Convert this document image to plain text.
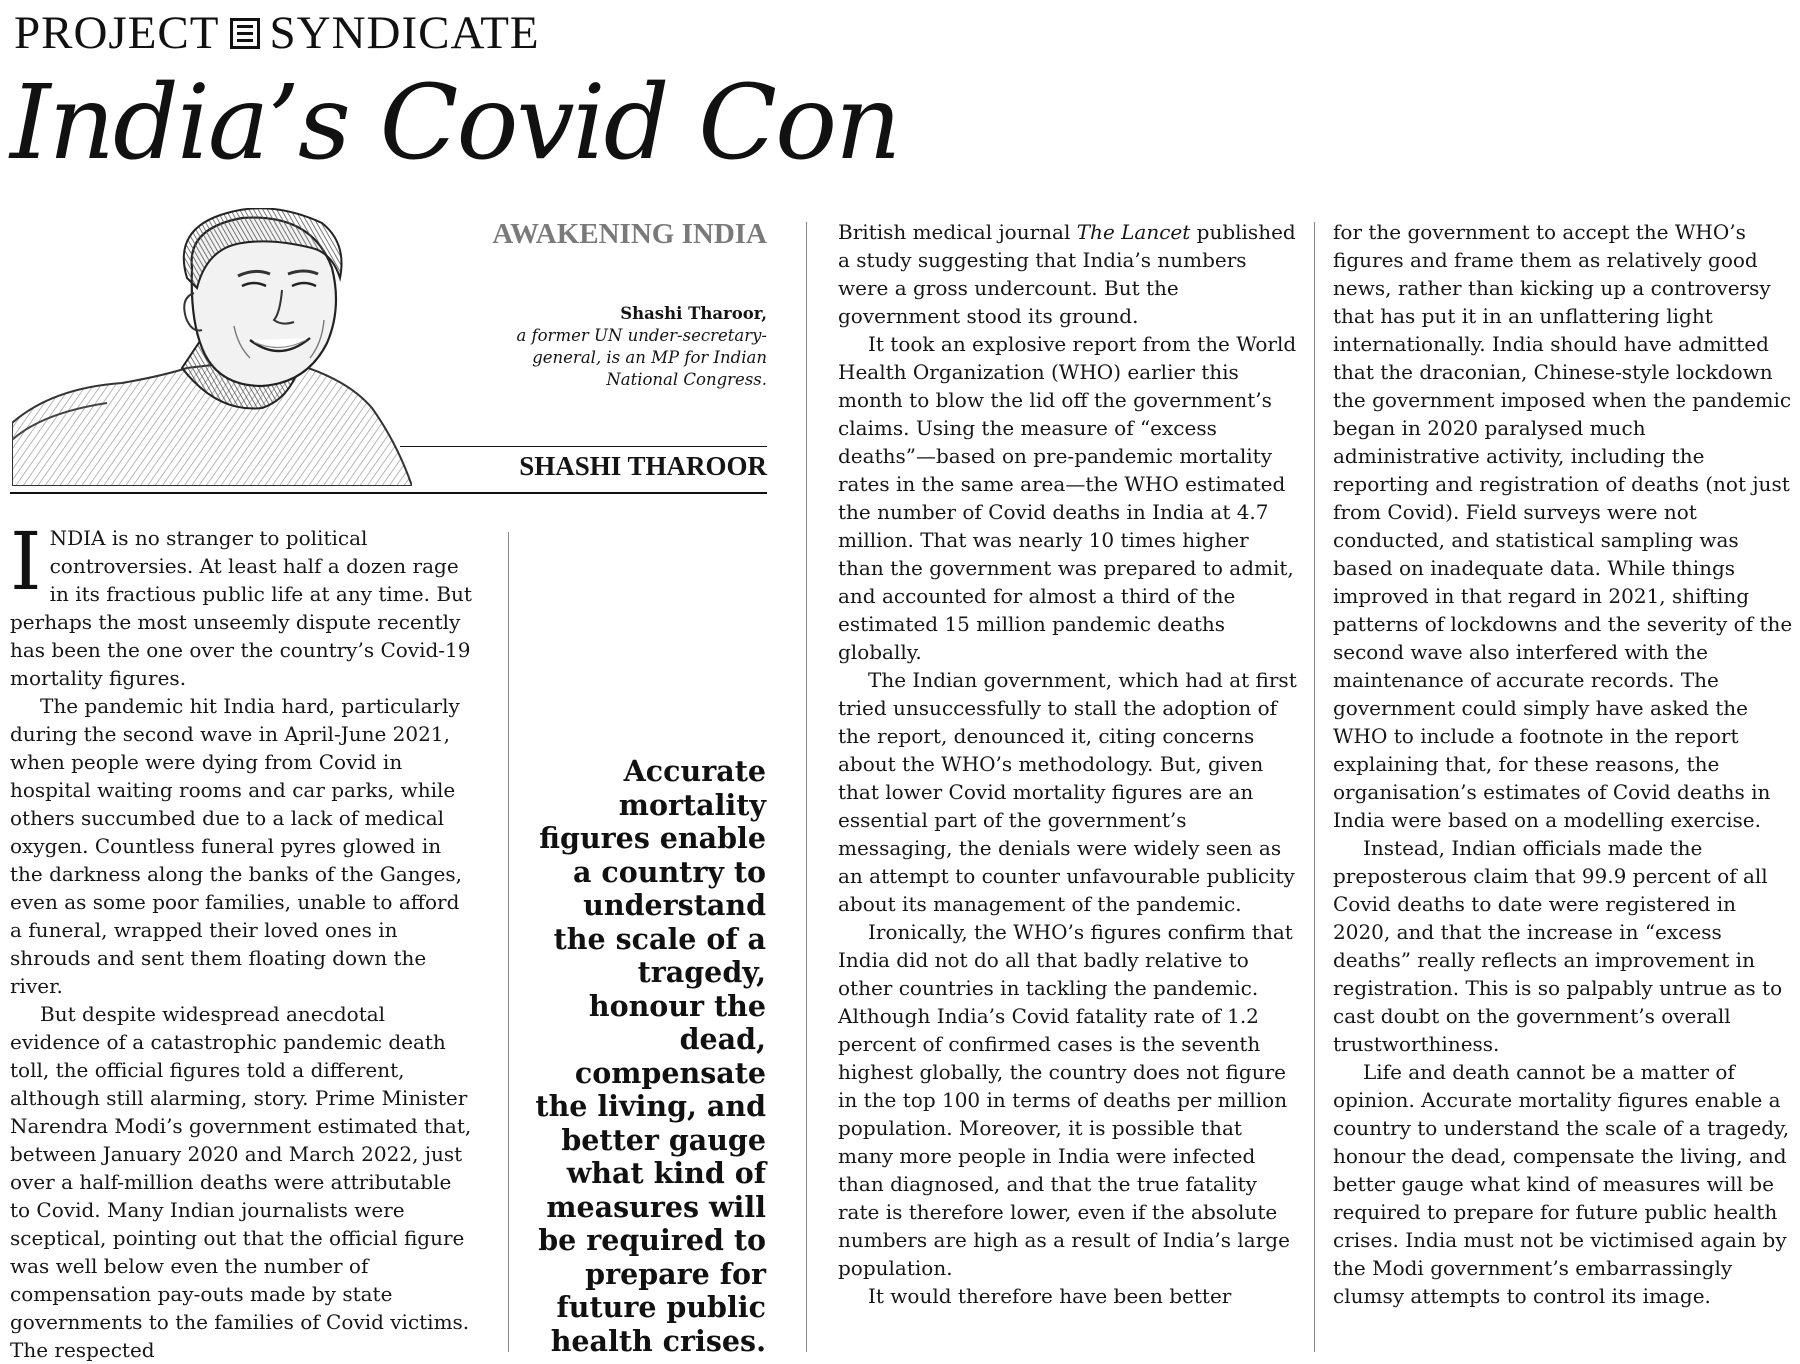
PROJECT SYNDICATE
India’s Covid Con
AWAKENING INDIA
Shashi Tharoor,
a former UN under-secretary-general, is an MP for Indian National Congress.
SHASHI THAROOR

INDIA is no stranger to political controversies. At least half a dozen rage in its fractious public life at any time. But perhaps the most unseemly dispute recently has been the one over the country’s Covid-19 mortality figures.

The pandemic hit India hard, particularly during the second wave in April-June 2021, when people were dying from Covid in hospital waiting rooms and car parks, while others succumbed due to a lack of medical oxygen. Countless funeral pyres glowed in the darkness along the banks of the Ganges, even as some poor families, unable to afford a funeral, wrapped their loved ones in shrouds and sent them floating down the river.

But despite widespread anecdotal evidence of a catastrophic pandemic death toll, the official figures told a different, although still alarming, story. Prime Minister Narendra Modi’s government estimated that, between January 2020 and March 2022, just over a half-million deaths were attributable to Covid. Many Indian journalists were sceptical, pointing out that the official figure was well below even the number of compensation pay-outs made by state governments to the families of Covid victims. The respected

Accurate mortality figures enable a country to understand the scale of a tragedy, honour the dead, compensate the living, and better gauge what kind of measures will be required to prepare for future public health crises.

British medical journal The Lancet published a study suggesting that India’s numbers were a gross undercount. But the government stood its ground.

It took an explosive report from the World Health Organization (WHO) earlier this month to blow the lid off the government’s claims. Using the measure of “excess deaths”—based on pre-pandemic mortality rates in the same area—the WHO estimated the number of Covid deaths in India at 4.7 million. That was nearly 10 times higher than the government was prepared to admit, and accounted for almost a third of the estimated 15 million pandemic deaths globally.

The Indian government, which had at first tried unsuccessfully to stall the adoption of the report, denounced it, citing concerns about the WHO’s methodology. But, given that lower Covid mortality figures are an essential part of the government’s messaging, the denials were widely seen as an attempt to counter unfavourable publicity about its management of the pandemic.

Ironically, the WHO’s figures confirm that India did not do all that badly relative to other countries in tackling the pandemic. Although India’s Covid fatality rate of 1.2 percent of confirmed cases is the seventh highest globally, the country does not figure in the top 100 in terms of deaths per million population. Moreover, it is possible that many more people in India were infected than diagnosed, and that the true fatality rate is therefore lower, even if the absolute numbers are high as a result of India’s large population.

It would therefore have been better

for the government to accept the WHO’s figures and frame them as relatively good news, rather than kicking up a controversy that has put it in an unflattering light internationally. India should have admitted that the draconian, Chinese-style lockdown the government imposed when the pandemic began in 2020 paralysed much administrative activity, including the reporting and registration of deaths (not just from Covid). Field surveys were not conducted, and statistical sampling was based on inadequate data. While things improved in that regard in 2021, shifting patterns of lockdowns and the severity of the second wave also interfered with the maintenance of accurate records. The government could simply have asked the WHO to include a footnote in the report explaining that, for these reasons, the organisation’s estimates of Covid deaths in India were based on a modelling exercise.

Instead, Indian officials made the preposterous claim that 99.9 percent of all Covid deaths to date were registered in 2020, and that the increase in “excess deaths” really reflects an improvement in registration. This is so palpably untrue as to cast doubt on the government’s overall trustworthiness.

Life and death cannot be a matter of opinion. Accurate mortality figures enable a country to understand the scale of a tragedy, honour the dead, compensate the living, and better gauge what kind of measures will be required to prepare for future public health crises. India must not be victimised again by the Modi government’s embarrassingly clumsy attempts to control its image.
